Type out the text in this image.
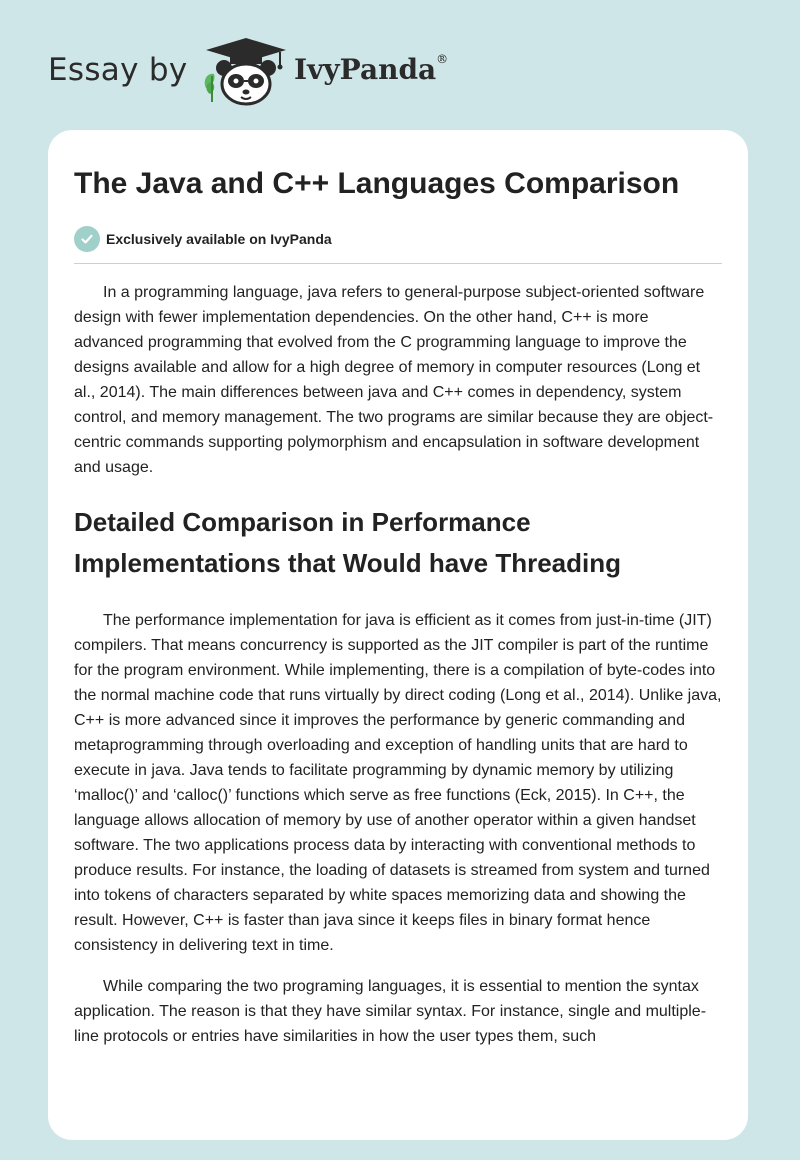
Essay by	IvyPanda®
The Java and C++ Languages Comparison
Exclusively available on IvyPanda

In a programming language, java refers to general-purpose subject-oriented software design with fewer implementation dependencies. On the other hand, C++ is more advanced programming that evolved from the C programming language to improve the designs available and allow for a high degree of memory in computer resources (Long et al., 2014). The main differences between java and C++ comes in dependency, system control, and memory management. The two programs are similar because they are object-centric commands supporting polymorphism and encapsulation in software development and usage.

Detailed Comparison in Performance Implementations that Would have Threading

The performance implementation for java is efficient as it comes from just-in-time (JIT) compilers. That means concurrency is supported as the JIT compiler is part of the runtime for the program environment. While implementing, there is a compilation of byte-codes into the normal machine code that runs virtually by direct coding (Long et al., 2014). Unlike java, C++ is more advanced since it improves the performance by generic commanding and metaprogramming through overloading and exception of handling units that are hard to execute in java. Java tends to facilitate programming by dynamic memory by utilizing ‘malloc()’ and ‘calloc()’ functions which serve as free functions (Eck, 2015). In C++, the language allows allocation of memory by use of another operator within a given handset software. The two applications process data by interacting with conventional methods to produce results. For instance, the loading of datasets is streamed from system and turned into tokens of characters separated by white spaces memorizing data and showing the result. However, C++ is faster than java since it keeps files in binary format hence consistency in delivering text in time.

While comparing the two programing languages, it is essential to mention the syntax application. The reason is that they have similar syntax. For instance, single and multiple-line protocols or entries have similarities in how the user types them, such
